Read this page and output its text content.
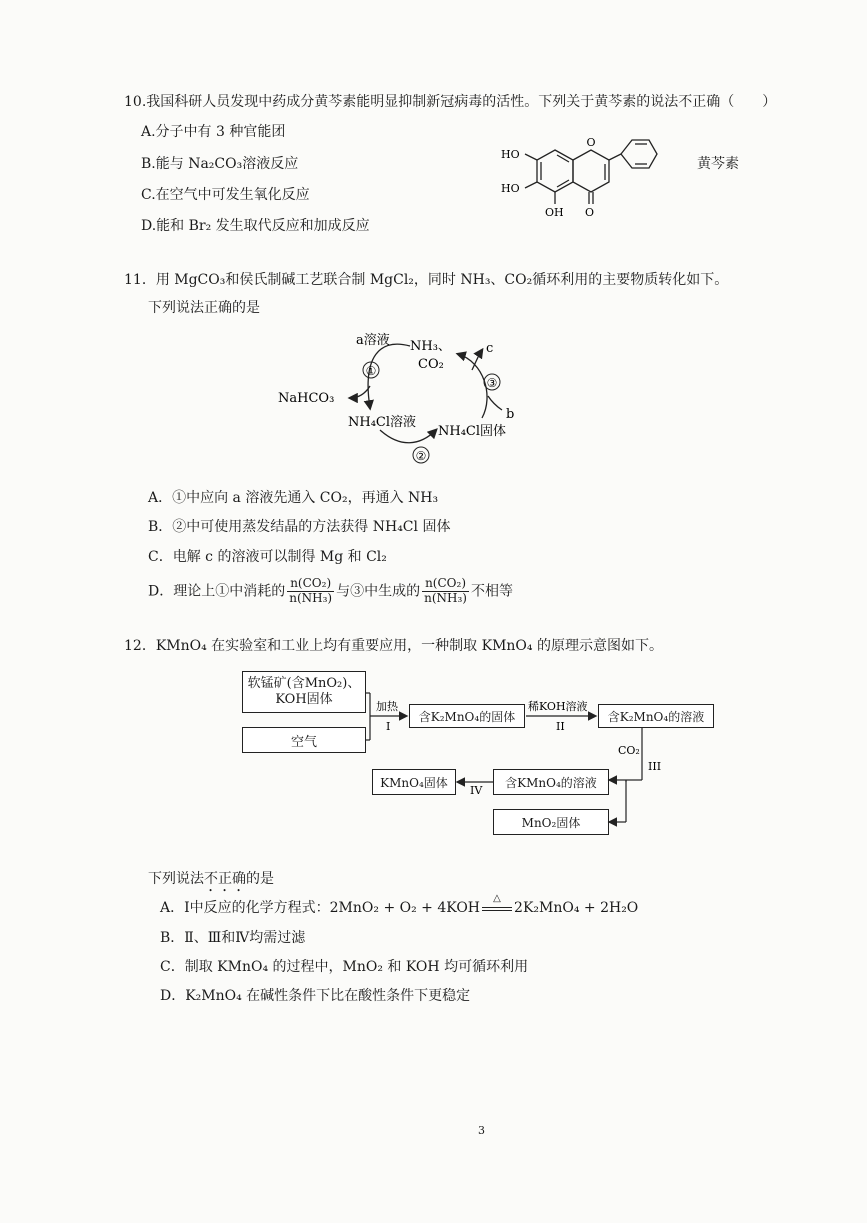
10.我国科研人员发现中药成分黄芩素能明显抑制新冠病毒的活性。下列关于黄芩素的说法不正确（　　）
A.分子中有 3 种官能团
B.能与 Na₂CO₃溶液反应
C.在空气中可发生氧化反应
D.能和 Br₂ 发生取代反应和加成反应
O
HO
HO
OH O
黄芩素
11．用 MgCO₃和侯氏制碱工艺联合制 MgCl₂，同时 NH₃、CO₂循环利用的主要物质转化如下。
下列说法正确的是
①
②
③
a溶液 NH₃、
CO₂
c
b
NaHCO₃
NH₄Cl溶液
NH₄Cl固体
A．①中应向 a 溶液先通入 CO₂，再通入 NH₃
B．②中可使用蒸发结晶的方法获得 NH₄Cl 固体
C．电解 c 的溶液可以制得 Mg 和 Cl₂
D．理论上①中消耗的 $\frac{\text{n(CO₂)}}{\text{n(NH₃)}}$ 与③中生成的 $\frac{\text{n(CO₂)}}{\text{n(NH₃)}}$ 不相等
12．KMnO₄ 在实验室和工业上均有重要应用，一种制取 KMnO₄ 的原理示意图如下。
软锰矿(含MnO₂)、
KOH固体
空气
含K₂MnO₄的固体	含K₂MnO₄的溶液
含KMnO₄的溶液
KMnO₄固体
MnO₂固体
加热
I
稀KOH溶液
II
CO₂
III
IV
下列说法不正确的是
A．Ⅰ中反应的化学方程式：2MnO₂ + O₂ + 4KOH
△
2K₂MnO₄ + 2H₂O
B．Ⅱ、Ⅲ和Ⅳ均需过滤
C．制取 KMnO₄ 的过程中，MnO₂ 和 KOH 均可循环利用
D．K₂MnO₄ 在碱性条件下比在酸性条件下更稳定
3
